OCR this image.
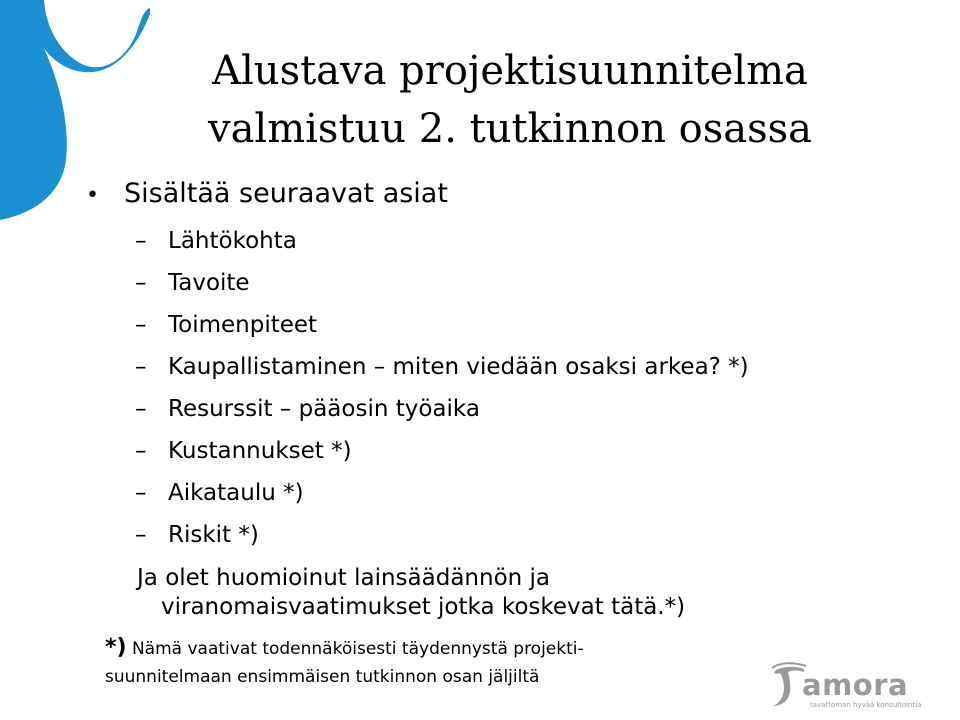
Alustava projektisuunnitelma
valmistuu 2. tutkinnon osassa
• Sisältää seuraavat asiat
– Lähtökohta
– Tavoite
– Toimenpiteet
– Kaupallistaminen – miten viedään osaksi arkea? *)
– Resurssit – pääosin työaika
– Kustannukset *)
– Aikataulu *)
– Riskit *)
Ja olet huomioinut lainsäädännön ja
viranomaisvaatimukset jotka koskevat tätä.*)
*) Nämä vaativat todennäköisesti täydennystä projekti-
suunnitelmaan ensimmäisen tutkinnon osan jäljiltä	amora
tavattoman hyvää konsultointia
